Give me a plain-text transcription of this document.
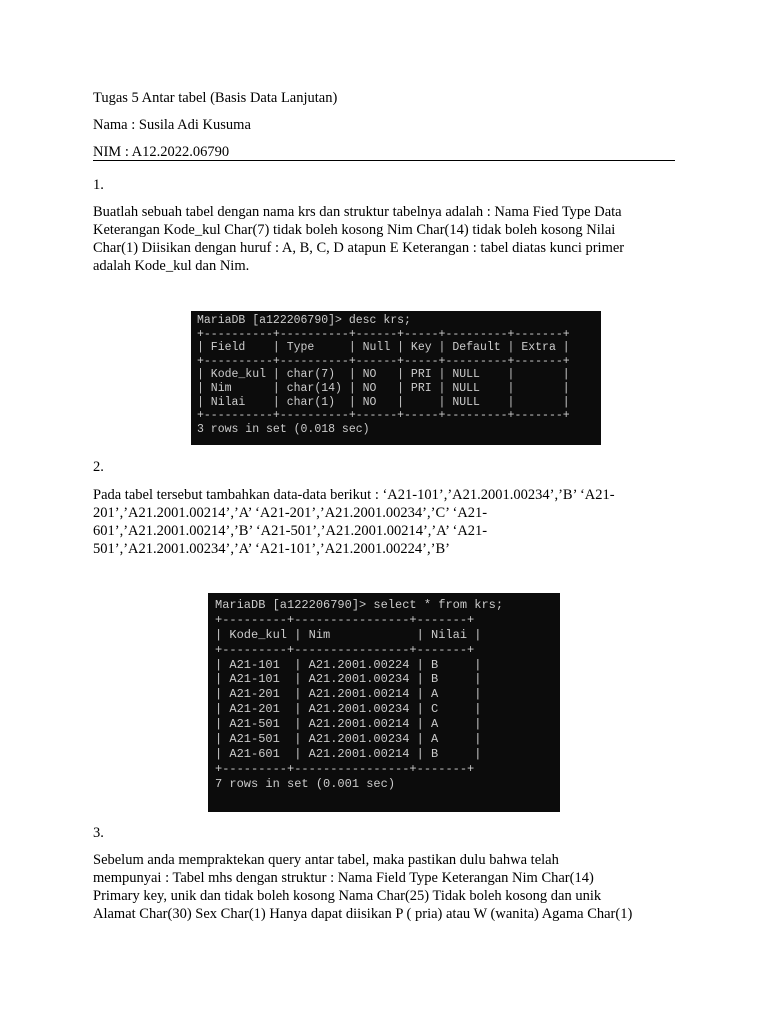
Tugas 5 Antar tabel (Basis Data Lanjutan)
Nama : Susila Adi Kusuma
NIM : A12.2022.06790
1.
Buatlah sebuah tabel dengan nama krs dan struktur tabelnya adalah : Nama Fied Type Data
Keterangan Kode_kul Char(7) tidak boleh kosong Nim Char(14) tidak boleh kosong Nilai
Char(1) Diisikan dengan huruf : A, B, C, D atapun E Keterangan : tabel diatas kunci primer
adalah Kode_kul dan Nim.
MariaDB [a122206790]> desc krs;
+----------+----------+------+-----+---------+-------+
| Field    | Type     | Null | Key | Default | Extra |
+----------+----------+------+-----+---------+-------+
| Kode_kul | char(7)  | NO   | PRI | NULL    |       |
| Nim      | char(14) | NO   | PRI | NULL    |       |
| Nilai    | char(1)  | NO   |     | NULL    |       |
+----------+----------+------+-----+---------+-------+
3 rows in set (0.018 sec)
2.
Pada tabel tersebut tambahkan data-data berikut : ‘A21-101’,’A21.2001.00234’,’B’ ‘A21-
201’,’A21.2001.00214’,’A’ ‘A21-201’,’A21.2001.00234’,’C’ ‘A21-
601’,’A21.2001.00214’,’B’ ‘A21-501’,’A21.2001.00214’,’A’ ‘A21-
501’,’A21.2001.00234’,’A’ ‘A21-101’,’A21.2001.00224’,’B’
MariaDB [a122206790]> select * from krs;
+---------+----------------+-------+
| Kode_kul | Nim            | Nilai |
+---------+----------------+-------+
| A21-101  | A21.2001.00224 | B     |
| A21-101  | A21.2001.00234 | B     |
| A21-201  | A21.2001.00214 | A     |
| A21-201  | A21.2001.00234 | C     |
| A21-501  | A21.2001.00214 | A     |
| A21-501  | A21.2001.00234 | A     |
| A21-601  | A21.2001.00214 | B     |
+---------+----------------+-------+
7 rows in set (0.001 sec)
3.
Sebelum anda mempraktekan query antar tabel, maka pastikan dulu bahwa telah
mempunyai : Tabel mhs dengan struktur : Nama Field Type Keterangan Nim Char(14)
Primary key, unik dan tidak boleh kosong Nama Char(25) Tidak boleh kosong dan unik
Alamat Char(30) Sex Char(1) Hanya dapat diisikan P ( pria) atau W (wanita) Agama Char(1)
